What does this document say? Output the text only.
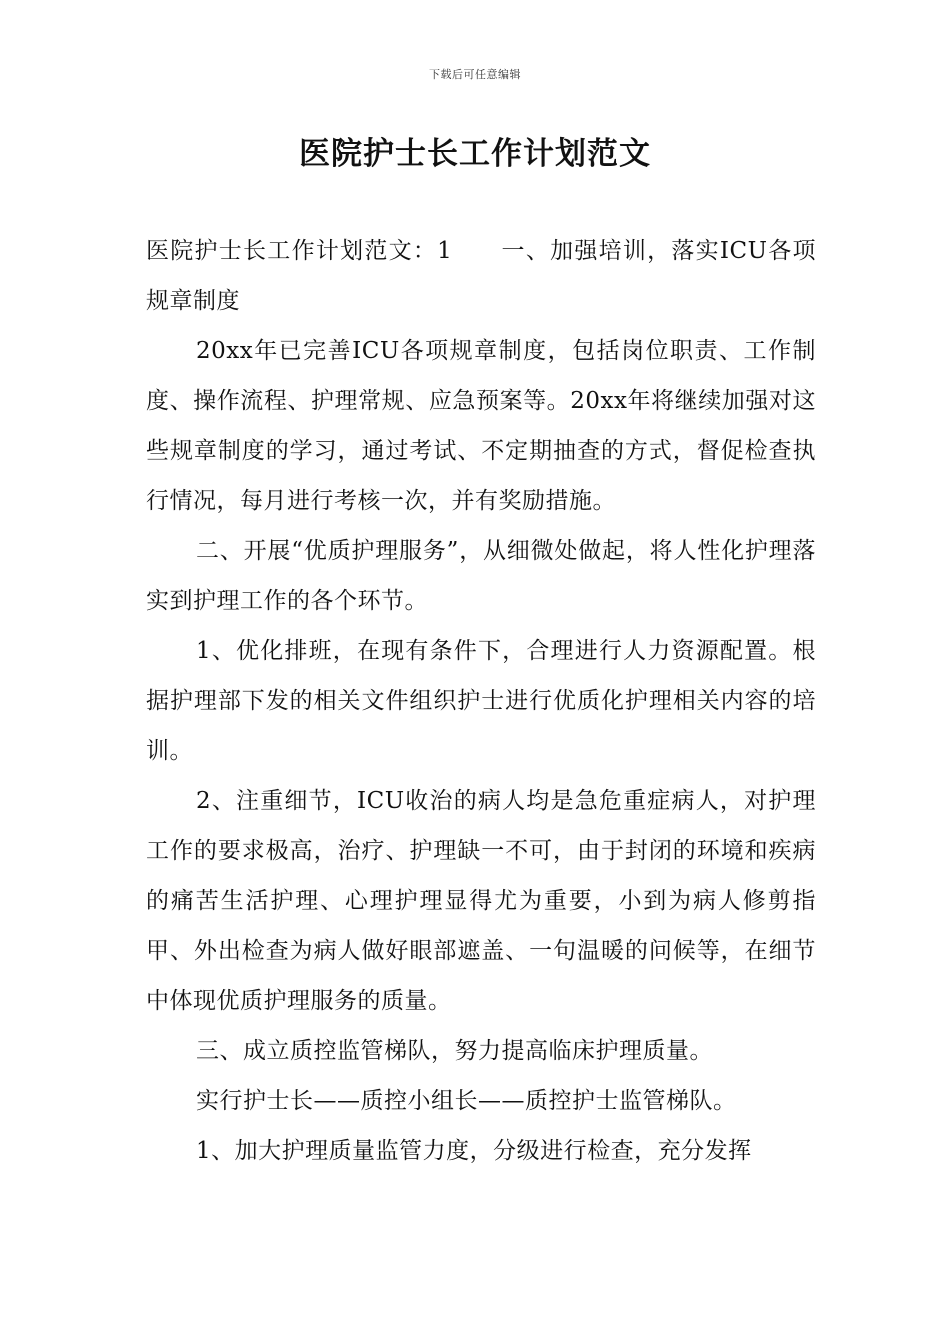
下载后可任意编辑
医院护士长工作计划范文

医院护士长工作计划范文：1　　一、加强培训，落实ICU各项规章制度

20xx年已完善ICU各项规章制度，包括岗位职责、工作制度、操作流程、护理常规、应急预案等。20xx年将继续加强对这些规章制度的学习，通过考试、不定期抽查的方式，督促检查执行情况，每月进行考核一次，并有奖励措施。

二、开展“优质护理服务”，从细微处做起，将人性化护理落实到护理工作的各个环节。

1、优化排班，在现有条件下，合理进行人力资源配置。根据护理部下发的相关文件组织护士进行优质化护理相关内容的培训。

2、注重细节，ICU收治的病人均是急危重症病人，对护理工作的要求极高，治疗、护理缺一不可，由于封闭的环境和疾病的痛苦生活护理、心理护理显得尤为重要，小到为病人修剪指甲、外出检查为病人做好眼部遮盖、一句温暖的问候等，在细节中体现优质护理服务的质量。

三、成立质控监管梯队，努力提高临床护理质量。

实行护士长——质控小组长——质控护士监管梯队。

1、加大护理质量监管力度，分级进行检查，充分发挥
